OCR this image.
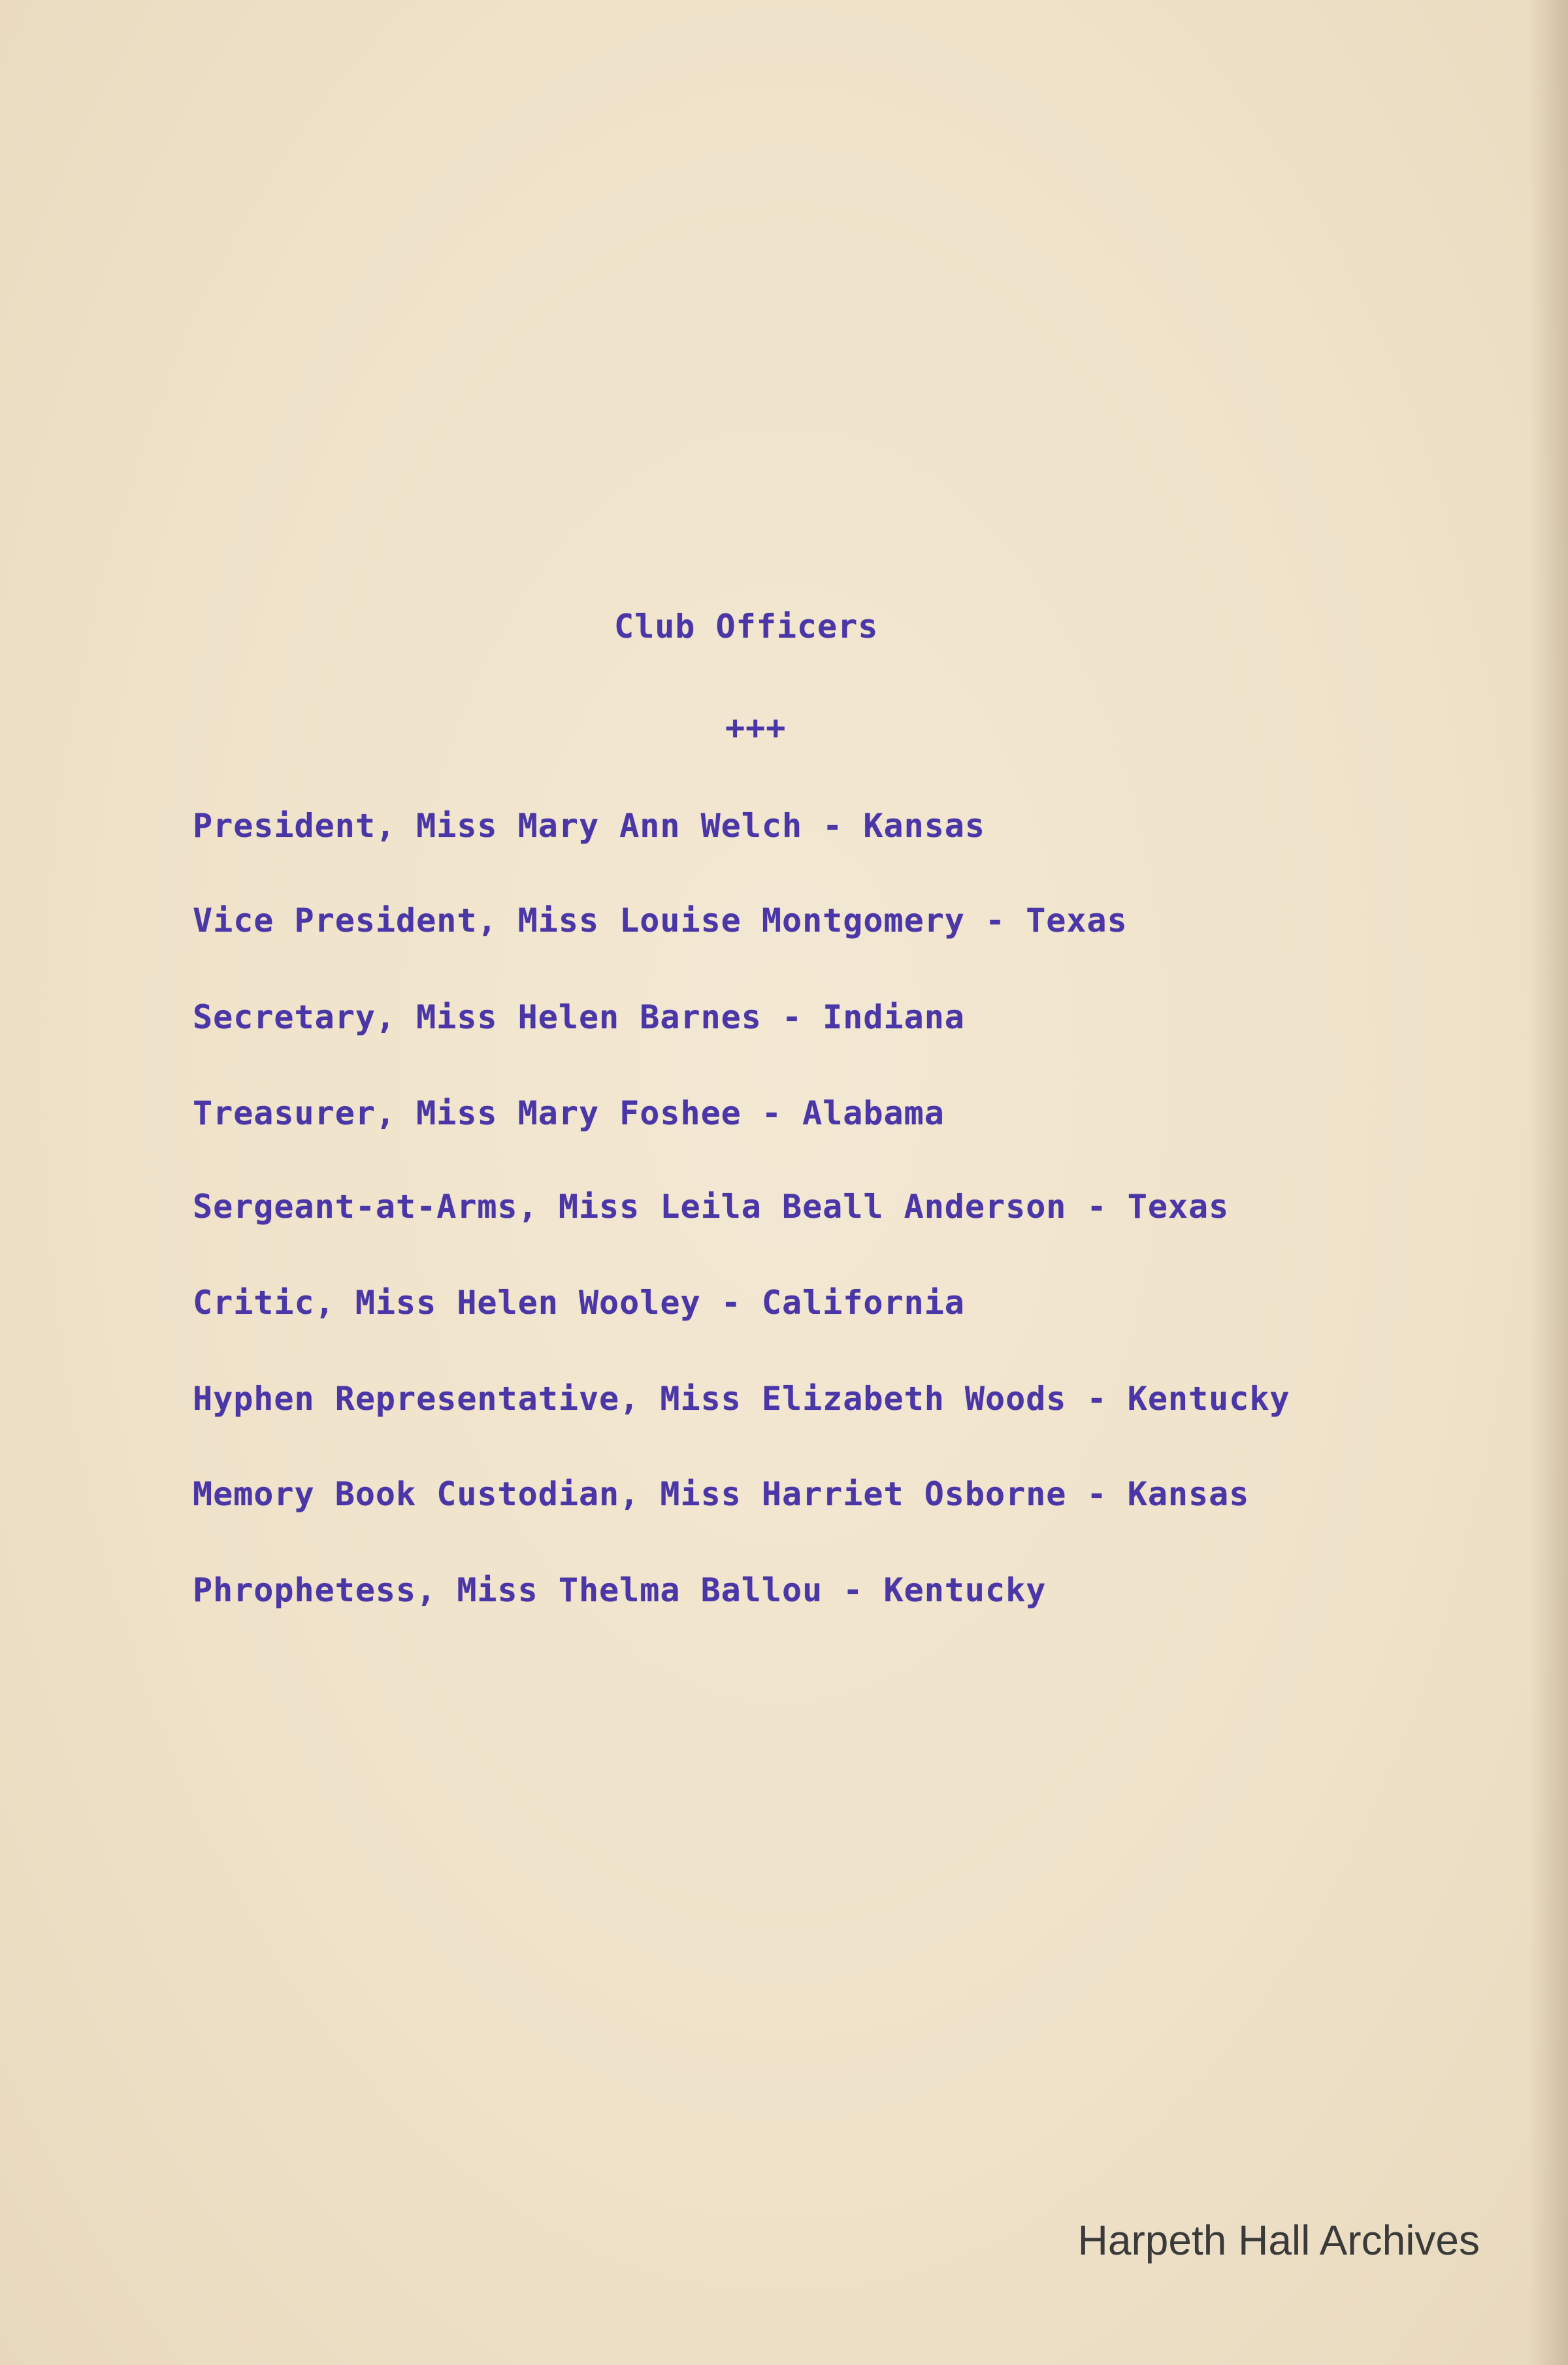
Club Officers
+++
President, Miss Mary Ann Welch - Kansas
Vice President, Miss Louise Montgomery - Texas
Secretary, Miss Helen Barnes - Indiana
Treasurer, Miss Mary Foshee - Alabama
Sergeant-at-Arms, Miss Leila Beall Anderson - Texas
Critic, Miss Helen Wooley - California
Hyphen Representative, Miss Elizabeth Woods - Kentucky
Memory Book Custodian, Miss Harriet Osborne - Kansas
Phrophetess, Miss Thelma Ballou - Kentucky
Harpeth Hall Archives
